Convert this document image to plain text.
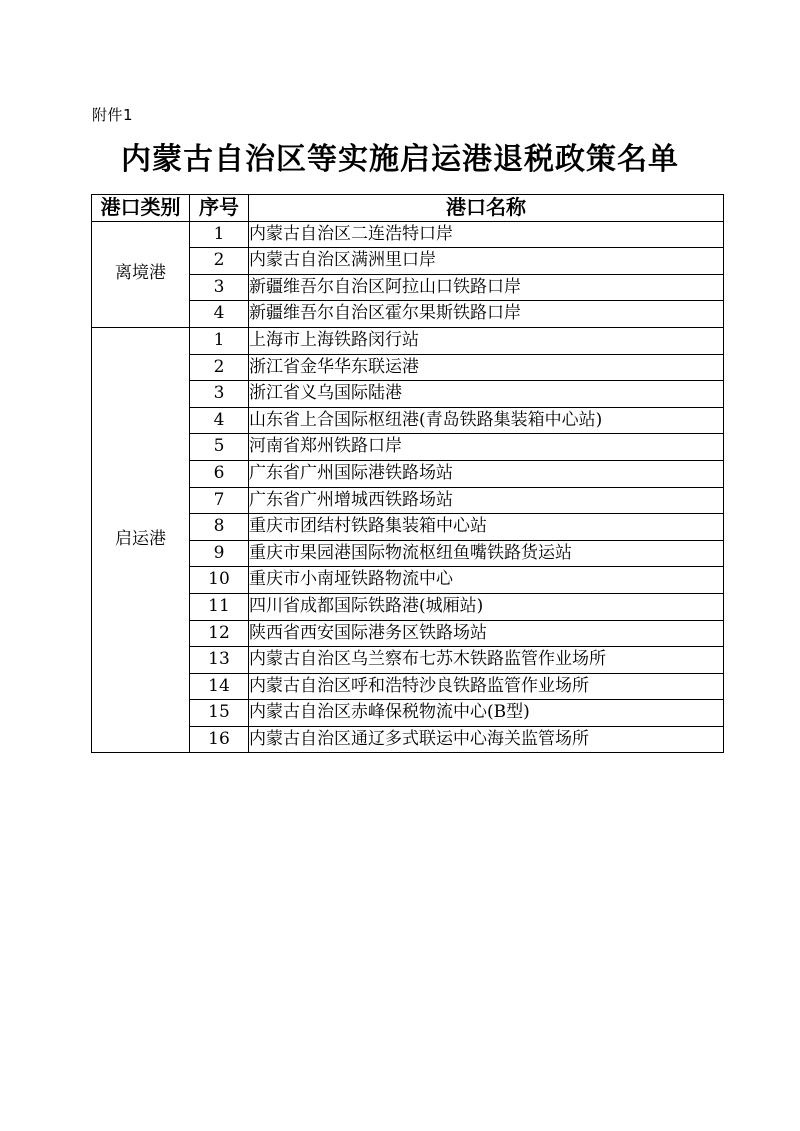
附件1
内蒙古自治区等实施启运港退税政策名单
港口类别	序号	港口名称
离境港	1	内蒙古自治区二连浩特口岸
	2	内蒙古自治区满洲里口岸
	3	新疆维吾尔自治区阿拉山口铁路口岸
	4	新疆维吾尔自治区霍尔果斯铁路口岸
启运港	1	上海市上海铁路闵行站
	2	浙江省金华华东联运港
	3	浙江省义乌国际陆港
	4	山东省上合国际枢纽港(青岛铁路集装箱中心站)
	5	河南省郑州铁路口岸
	6	广东省广州国际港铁路场站
	7	广东省广州增城西铁路场站
	8	重庆市团结村铁路集装箱中心站
	9	重庆市果园港国际物流枢纽鱼嘴铁路货运站
	10	重庆市小南垭铁路物流中心
	11	四川省成都国际铁路港(城厢站)
	12	陕西省西安国际港务区铁路场站
	13	内蒙古自治区乌兰察布七苏木铁路监管作业场所
	14	内蒙古自治区呼和浩特沙良铁路监管作业场所
	15	内蒙古自治区赤峰保税物流中心(B型)
	16	内蒙古自治区通辽多式联运中心海关监管场所
